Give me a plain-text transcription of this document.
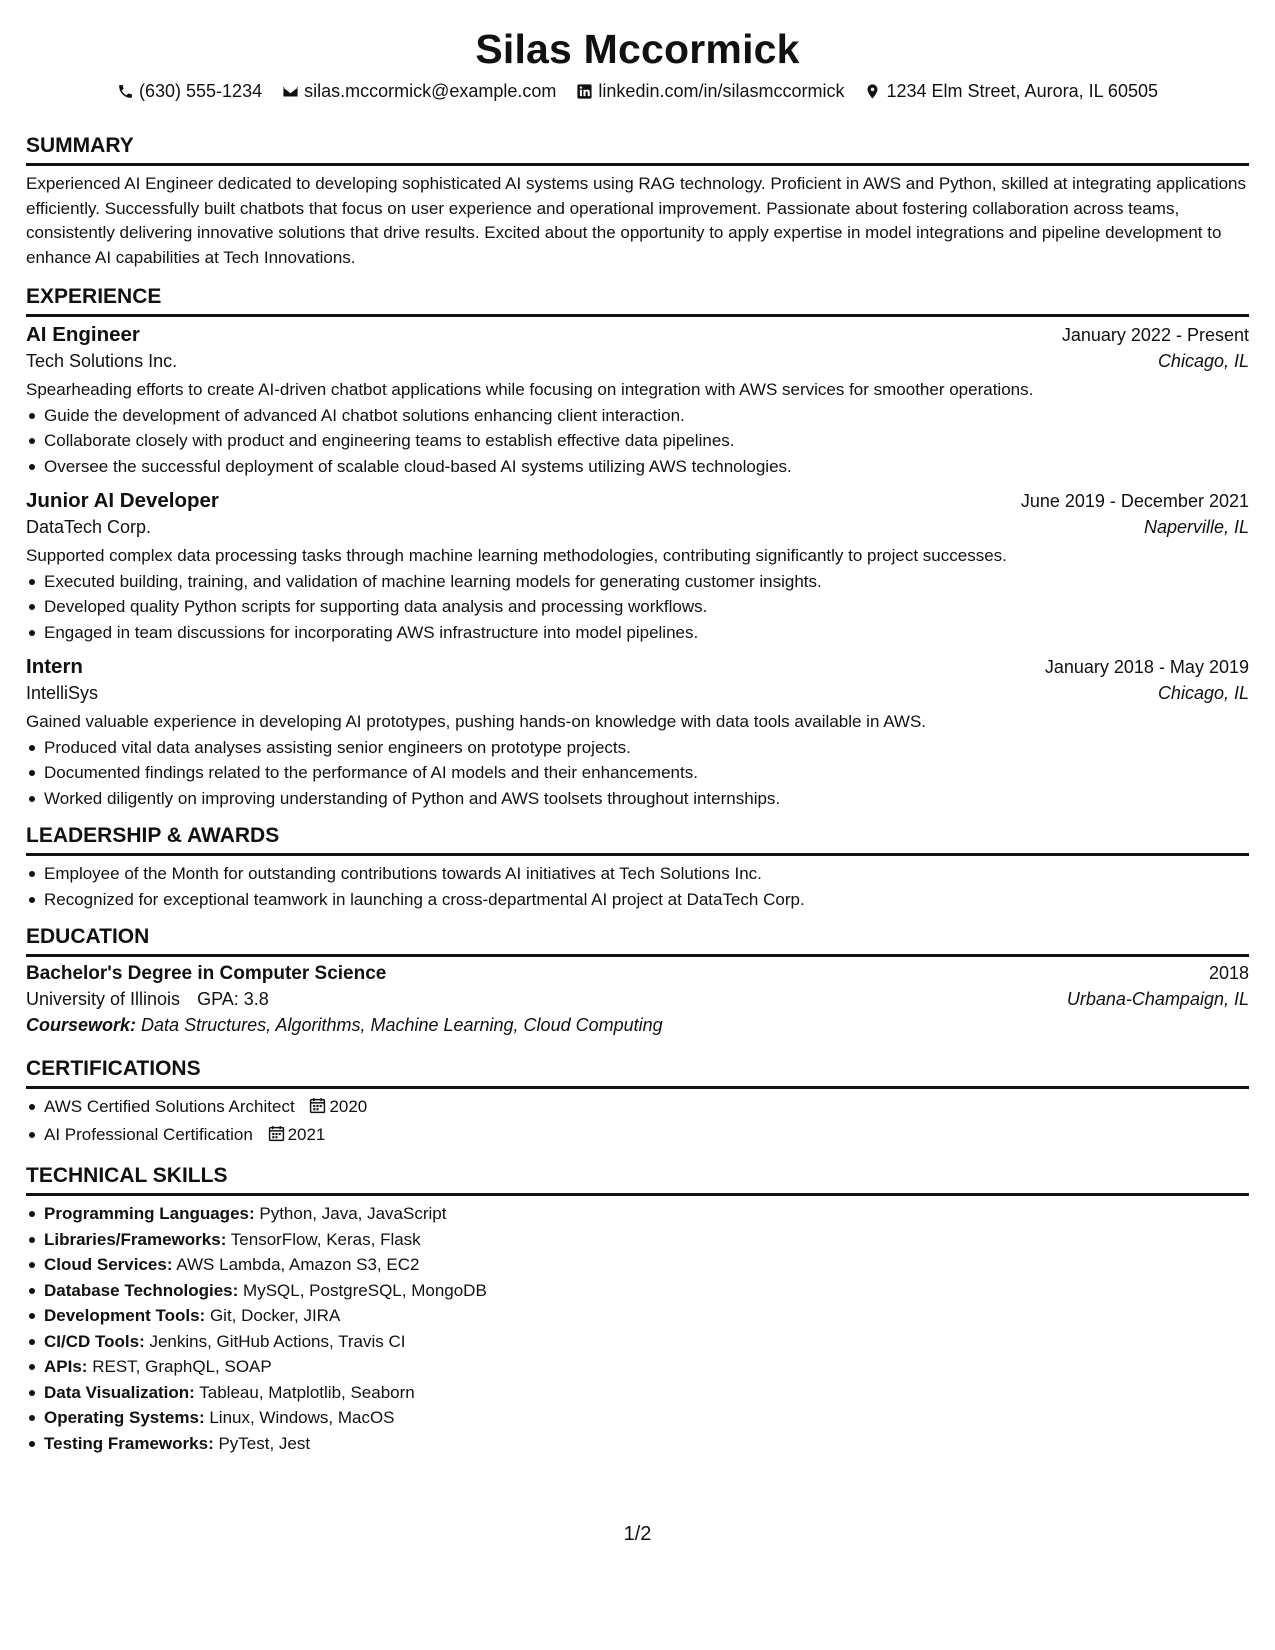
Silas Mccormick
(630) 555-1234 silas.mccormick@example.com linkedin.com/in/silasmccormick 1234 Elm Street, Aurora, IL 60505
SUMMARY
Experienced AI Engineer dedicated to developing sophisticated AI systems using RAG technology. Proficient in AWS and Python, skilled at integrating applications efficiently. Successfully built chatbots that focus on user experience and operational improvement. Passionate about fostering collaboration across teams, consistently delivering innovative solutions that drive results. Excited about the opportunity to apply expertise in model integrations and pipeline development to enhance AI capabilities at Tech Innovations.
EXPERIENCE
AI Engineer	January 2022 - Present
Tech Solutions Inc.	Chicago, IL
Spearheading efforts to create AI-driven chatbot applications while focusing on integration with AWS services for smoother operations.
Guide the development of advanced AI chatbot solutions enhancing client interaction.
Collaborate closely with product and engineering teams to establish effective data pipelines.
Oversee the successful deployment of scalable cloud-based AI systems utilizing AWS technologies.
Junior AI Developer	June 2019 - December 2021
DataTech Corp.	Naperville, IL
Supported complex data processing tasks through machine learning methodologies, contributing significantly to project successes.
Executed building, training, and validation of machine learning models for generating customer insights.
Developed quality Python scripts for supporting data analysis and processing workflows.
Engaged in team discussions for incorporating AWS infrastructure into model pipelines.
Intern	January 2018 - May 2019
IntelliSys	Chicago, IL
Gained valuable experience in developing AI prototypes, pushing hands-on knowledge with data tools available in AWS.
Produced vital data analyses assisting senior engineers on prototype projects.
Documented findings related to the performance of AI models and their enhancements.
Worked diligently on improving understanding of Python and AWS toolsets throughout internships.
LEADERSHIP & AWARDS
Employee of the Month for outstanding contributions towards AI initiatives at Tech Solutions Inc.
Recognized for exceptional teamwork in launching a cross-departmental AI project at DataTech Corp.
EDUCATION
Bachelor's Degree in Computer Science	2018
University of Illinois GPA: 3.8	Urbana-Champaign, IL
Coursework: Data Structures, Algorithms, Machine Learning, Cloud Computing
CERTIFICATIONS
AWS Certified Solutions Architect 2020
AI Professional Certification 2021
TECHNICAL SKILLS
Programming Languages: Python, Java, JavaScript
Libraries/Frameworks: TensorFlow, Keras, Flask
Cloud Services: AWS Lambda, Amazon S3, EC2
Database Technologies: MySQL, PostgreSQL, MongoDB
Development Tools: Git, Docker, JIRA
CI/CD Tools: Jenkins, GitHub Actions, Travis CI
APIs: REST, GraphQL, SOAP
Data Visualization: Tableau, Matplotlib, Seaborn
Operating Systems: Linux, Windows, MacOS
Testing Frameworks: PyTest, Jest
1/2
